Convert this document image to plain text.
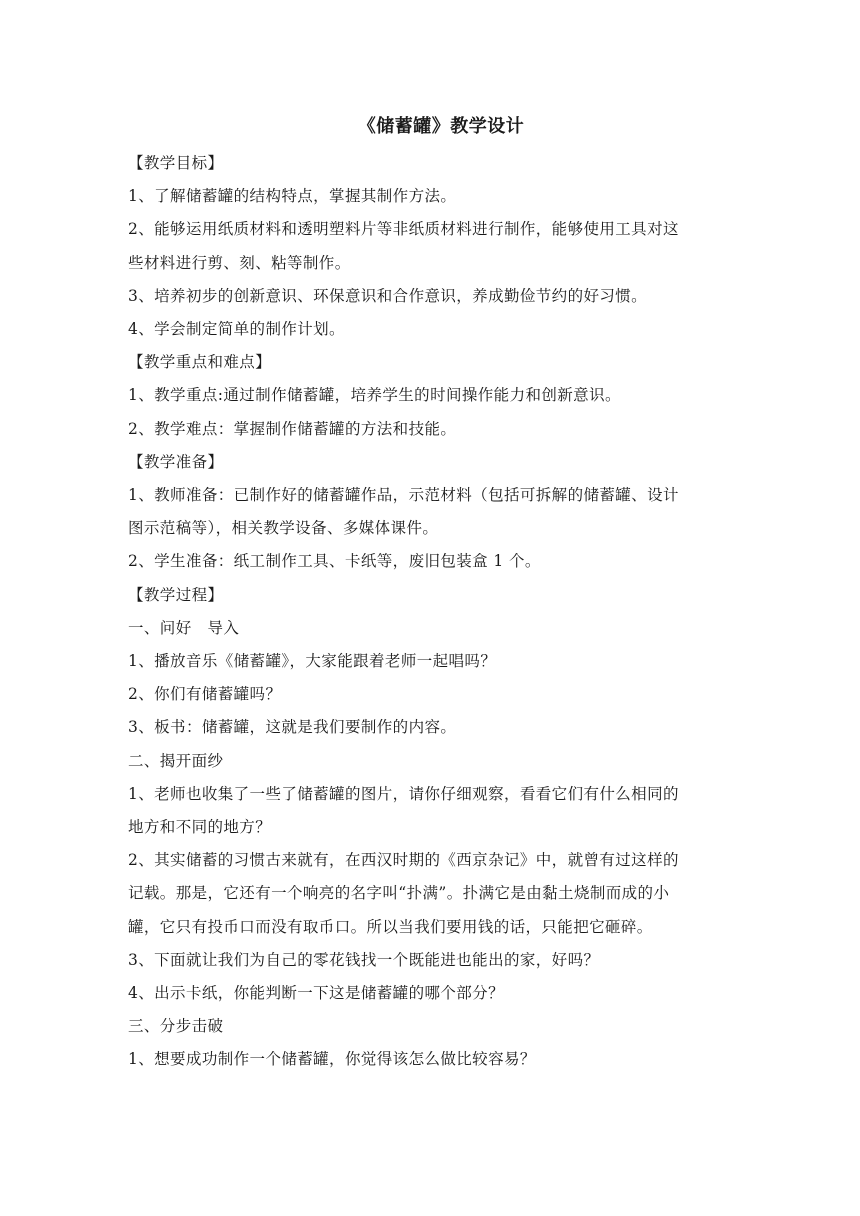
《储蓄罐》教学设计

【教学目标】

1、了解储蓄罐的结构特点，掌握其制作方法。

2、能够运用纸质材料和透明塑料片等非纸质材料进行制作，能够使用工具对这

些材料进行剪、刻、粘等制作。

3、培养初步的创新意识、环保意识和合作意识，养成勤俭节约的好习惯。

4、学会制定简单的制作计划。

【教学重点和难点】

1、教学重点:通过制作储蓄罐，培养学生的时间操作能力和创新意识。

2、教学难点：掌握制作储蓄罐的方法和技能。

【教学准备】

1、教师准备：已制作好的储蓄罐作品，示范材料（包括可拆解的储蓄罐、设计

图示范稿等），相关教学设备、多媒体课件。

2、学生准备：纸工制作工具、卡纸等，废旧包装盒 1 个。

【教学过程】

一、问好　导入

1、播放音乐《储蓄罐》，大家能跟着老师一起唱吗？

2、你们有储蓄罐吗？

3、板书：储蓄罐，这就是我们要制作的内容。

二、揭开面纱

1、老师也收集了一些了储蓄罐的图片，请你仔细观察，看看它们有什么相同的

地方和不同的地方？

2、其实储蓄的习惯古来就有，在西汉时期的《西京杂记》中，就曾有过这样的

记载。那是，它还有一个响亮的名字叫“扑满”。扑满它是由黏土烧制而成的小

罐，它只有投币口而没有取币口。所以当我们要用钱的话，只能把它砸碎。

3、下面就让我们为自己的零花钱找一个既能进也能出的家，好吗？

4、出示卡纸，你能判断一下这是储蓄罐的哪个部分？

三、分步击破

1、想要成功制作一个储蓄罐，你觉得该怎么做比较容易？
